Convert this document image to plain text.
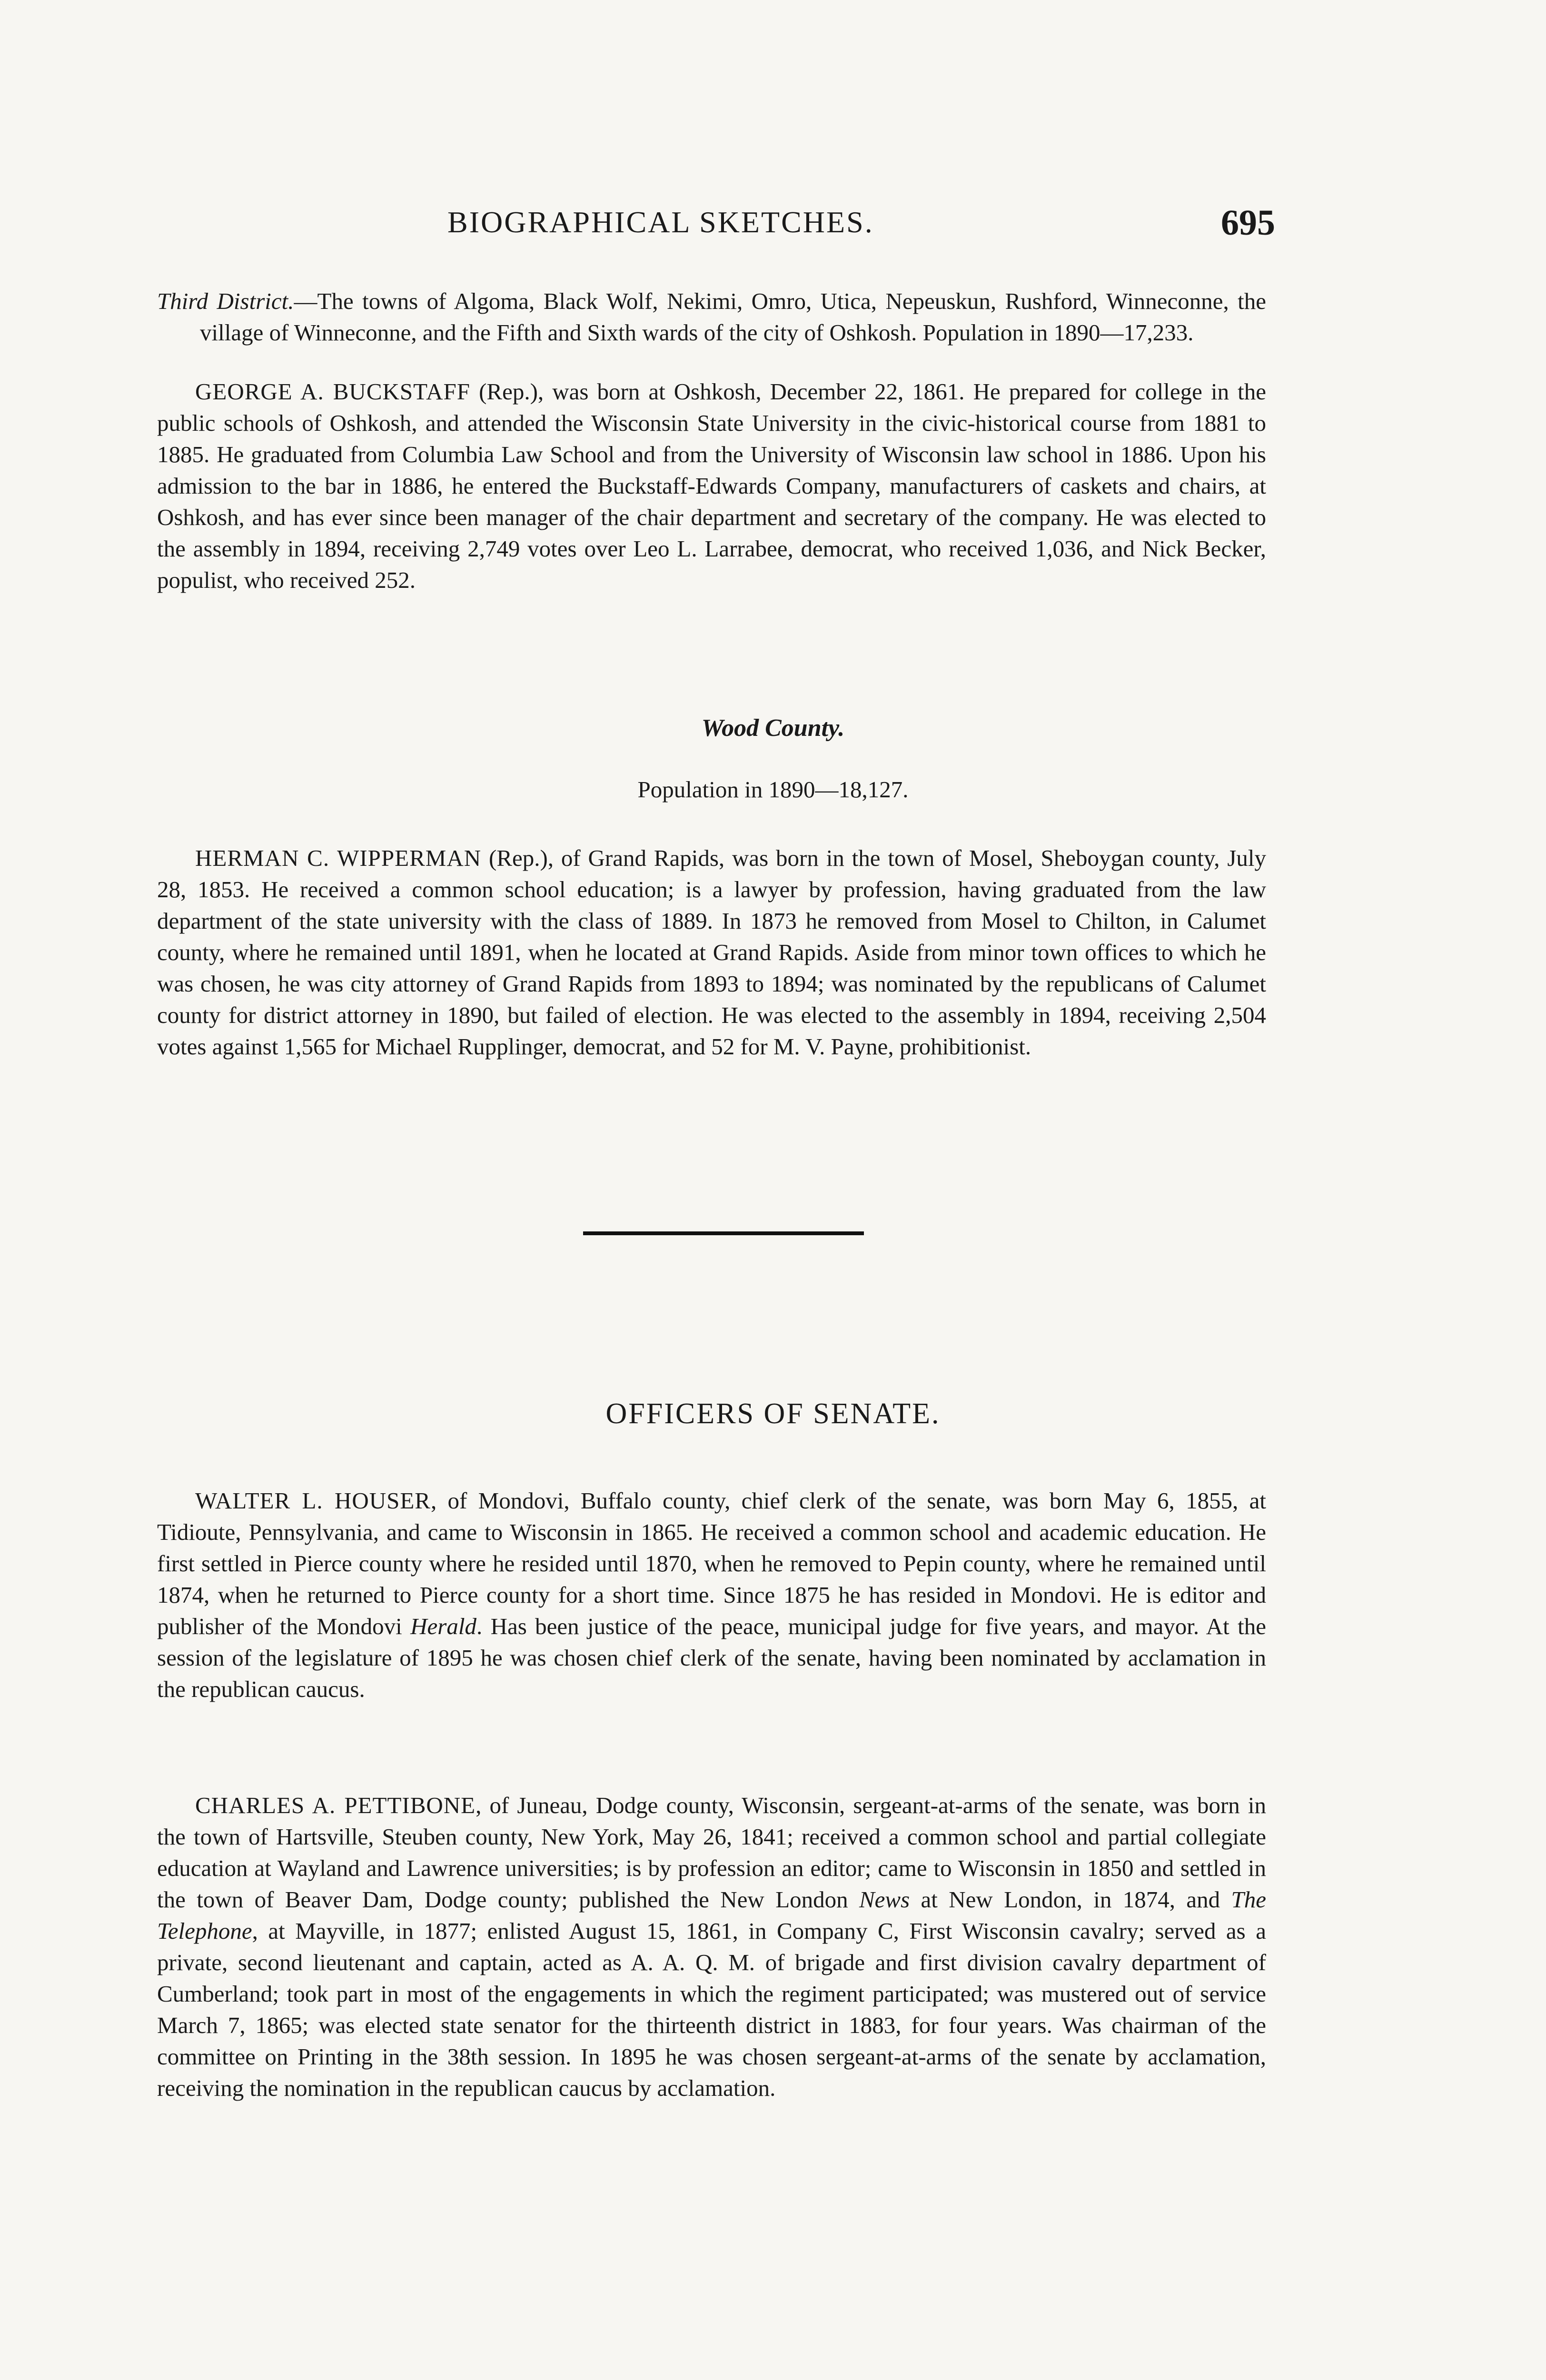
BIOGRAPHICAL SKETCHES.	695

Third District.—The towns of Algoma, Black Wolf, Nekimi, Omro, Utica, Nepeuskun, Rushford, Winneconne, the village of Winneconne, and the Fifth and Sixth wards of the city of Oshkosh. Population in 1890—17,233.

GEORGE A. BUCKSTAFF (Rep.), was born at Oshkosh, December 22, 1861. He prepared for college in the public schools of Oshkosh, and attended the Wisconsin State University in the civic-historical course from 1881 to 1885. He graduated from Columbia Law School and from the University of Wisconsin law school in 1886. Upon his admission to the bar in 1886, he entered the Buckstaff-Edwards Company, manufacturers of caskets and chairs, at Oshkosh, and has ever since been manager of the chair department and secretary of the company. He was elected to the assembly in 1894, receiving 2,749 votes over Leo L. Larrabee, democrat, who received 1,036, and Nick Becker, populist, who received 252.

Wood County.
Population in 1890—18,127.

HERMAN C. WIPPERMAN (Rep.), of Grand Rapids, was born in the town of Mosel, Sheboygan county, July 28, 1853. He received a common school education; is a lawyer by profession, having graduated from the law department of the state university with the class of 1889. In 1873 he removed from Mosel to Chilton, in Calumet county, where he remained until 1891, when he located at Grand Rapids. Aside from minor town offices to which he was chosen, he was city attorney of Grand Rapids from 1893 to 1894; was nominated by the republicans of Calumet county for district attorney in 1890, but failed of election. He was elected to the assembly in 1894, receiving 2,504 votes against 1,565 for Michael Rupplinger, democrat, and 52 for M. V. Payne, prohibitionist.

OFFICERS OF SENATE.

WALTER L. HOUSER, of Mondovi, Buffalo county, chief clerk of the senate, was born May 6, 1855, at Tidioute, Pennsylvania, and came to Wisconsin in 1865. He received a common school and academic education. He first settled in Pierce county where he resided until 1870, when he removed to Pepin county, where he remained until 1874, when he returned to Pierce county for a short time. Since 1875 he has resided in Mondovi. He is editor and publisher of the Mondovi Herald. Has been justice of the peace, municipal judge for five years, and mayor. At the session of the legislature of 1895 he was chosen chief clerk of the senate, having been nominated by acclamation in the republican caucus.

CHARLES A. PETTIBONE, of Juneau, Dodge county, Wisconsin, sergeant-at-arms of the senate, was born in the town of Hartsville, Steuben county, New York, May 26, 1841; received a common school and partial collegiate education at Wayland and Lawrence universities; is by profession an editor; came to Wisconsin in 1850 and settled in the town of Beaver Dam, Dodge county; published the New London News at New London, in 1874, and The Telephone, at Mayville, in 1877; enlisted August 15, 1861, in Company C, First Wisconsin cavalry; served as a private, second lieutenant and captain, acted as A. A. Q. M. of brigade and first division cavalry department of Cumberland; took part in most of the engagements in which the regiment participated; was mustered out of service March 7, 1865; was elected state senator for the thirteenth district in 1883, for four years. Was chairman of the committee on Printing in the 38th session. In 1895 he was chosen sergeant-at-arms of the senate by acclamation, receiving the nomination in the republican caucus by acclamation.
